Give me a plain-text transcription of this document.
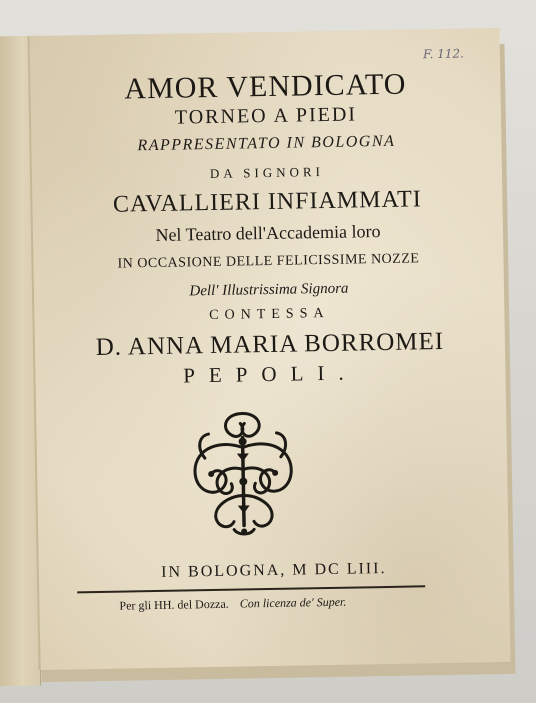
F. 112.
AMOR VENDICATO
TORNEO A PIEDI
RAPPRESENTATO IN BOLOGNA
DA SIGNORI
CAVALLIERI INFIAMMATI
Nel Teatro dell'Accademia loro
IN OCCASIONE DELLE FELICISSIME NOZZE
Dell' Illustrissima Signora
CONTESSA
D. ANNA MARIA BORROMEI
PEPOLI.
IN BOLOGNA, M DC LIII.
Per gli HH. del Dozza. Con licenza de' Super.
